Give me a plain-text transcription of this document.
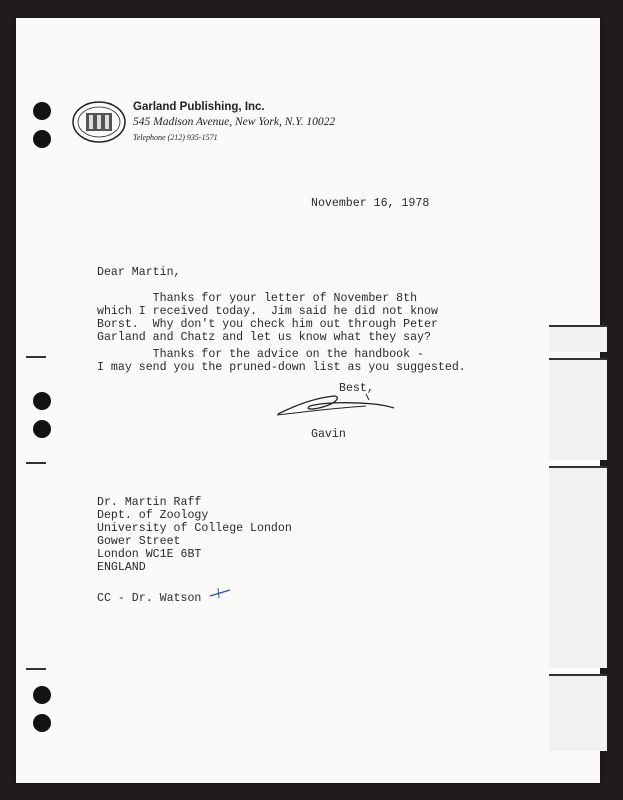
Garland Publishing, Inc.
545 Madison Avenue, New York, N.Y. 10022
Telephone (212) 935-1571
November 16, 1978
Dear Martin,
Thanks for your letter of November 8th
which I received today.  Jim said he did not know
Borst.  Why don't you check him out through Peter
Garland and Chatz and let us know what they say?
Thanks for the advice on the handbook -
I may send you the pruned-down list as you suggested.
Best,
Gavin
Dr. Martin Raff
Dept. of Zoology
University of College London
Gower Street
London WC1E 6BT
ENGLAND
CC - Dr. Watson
